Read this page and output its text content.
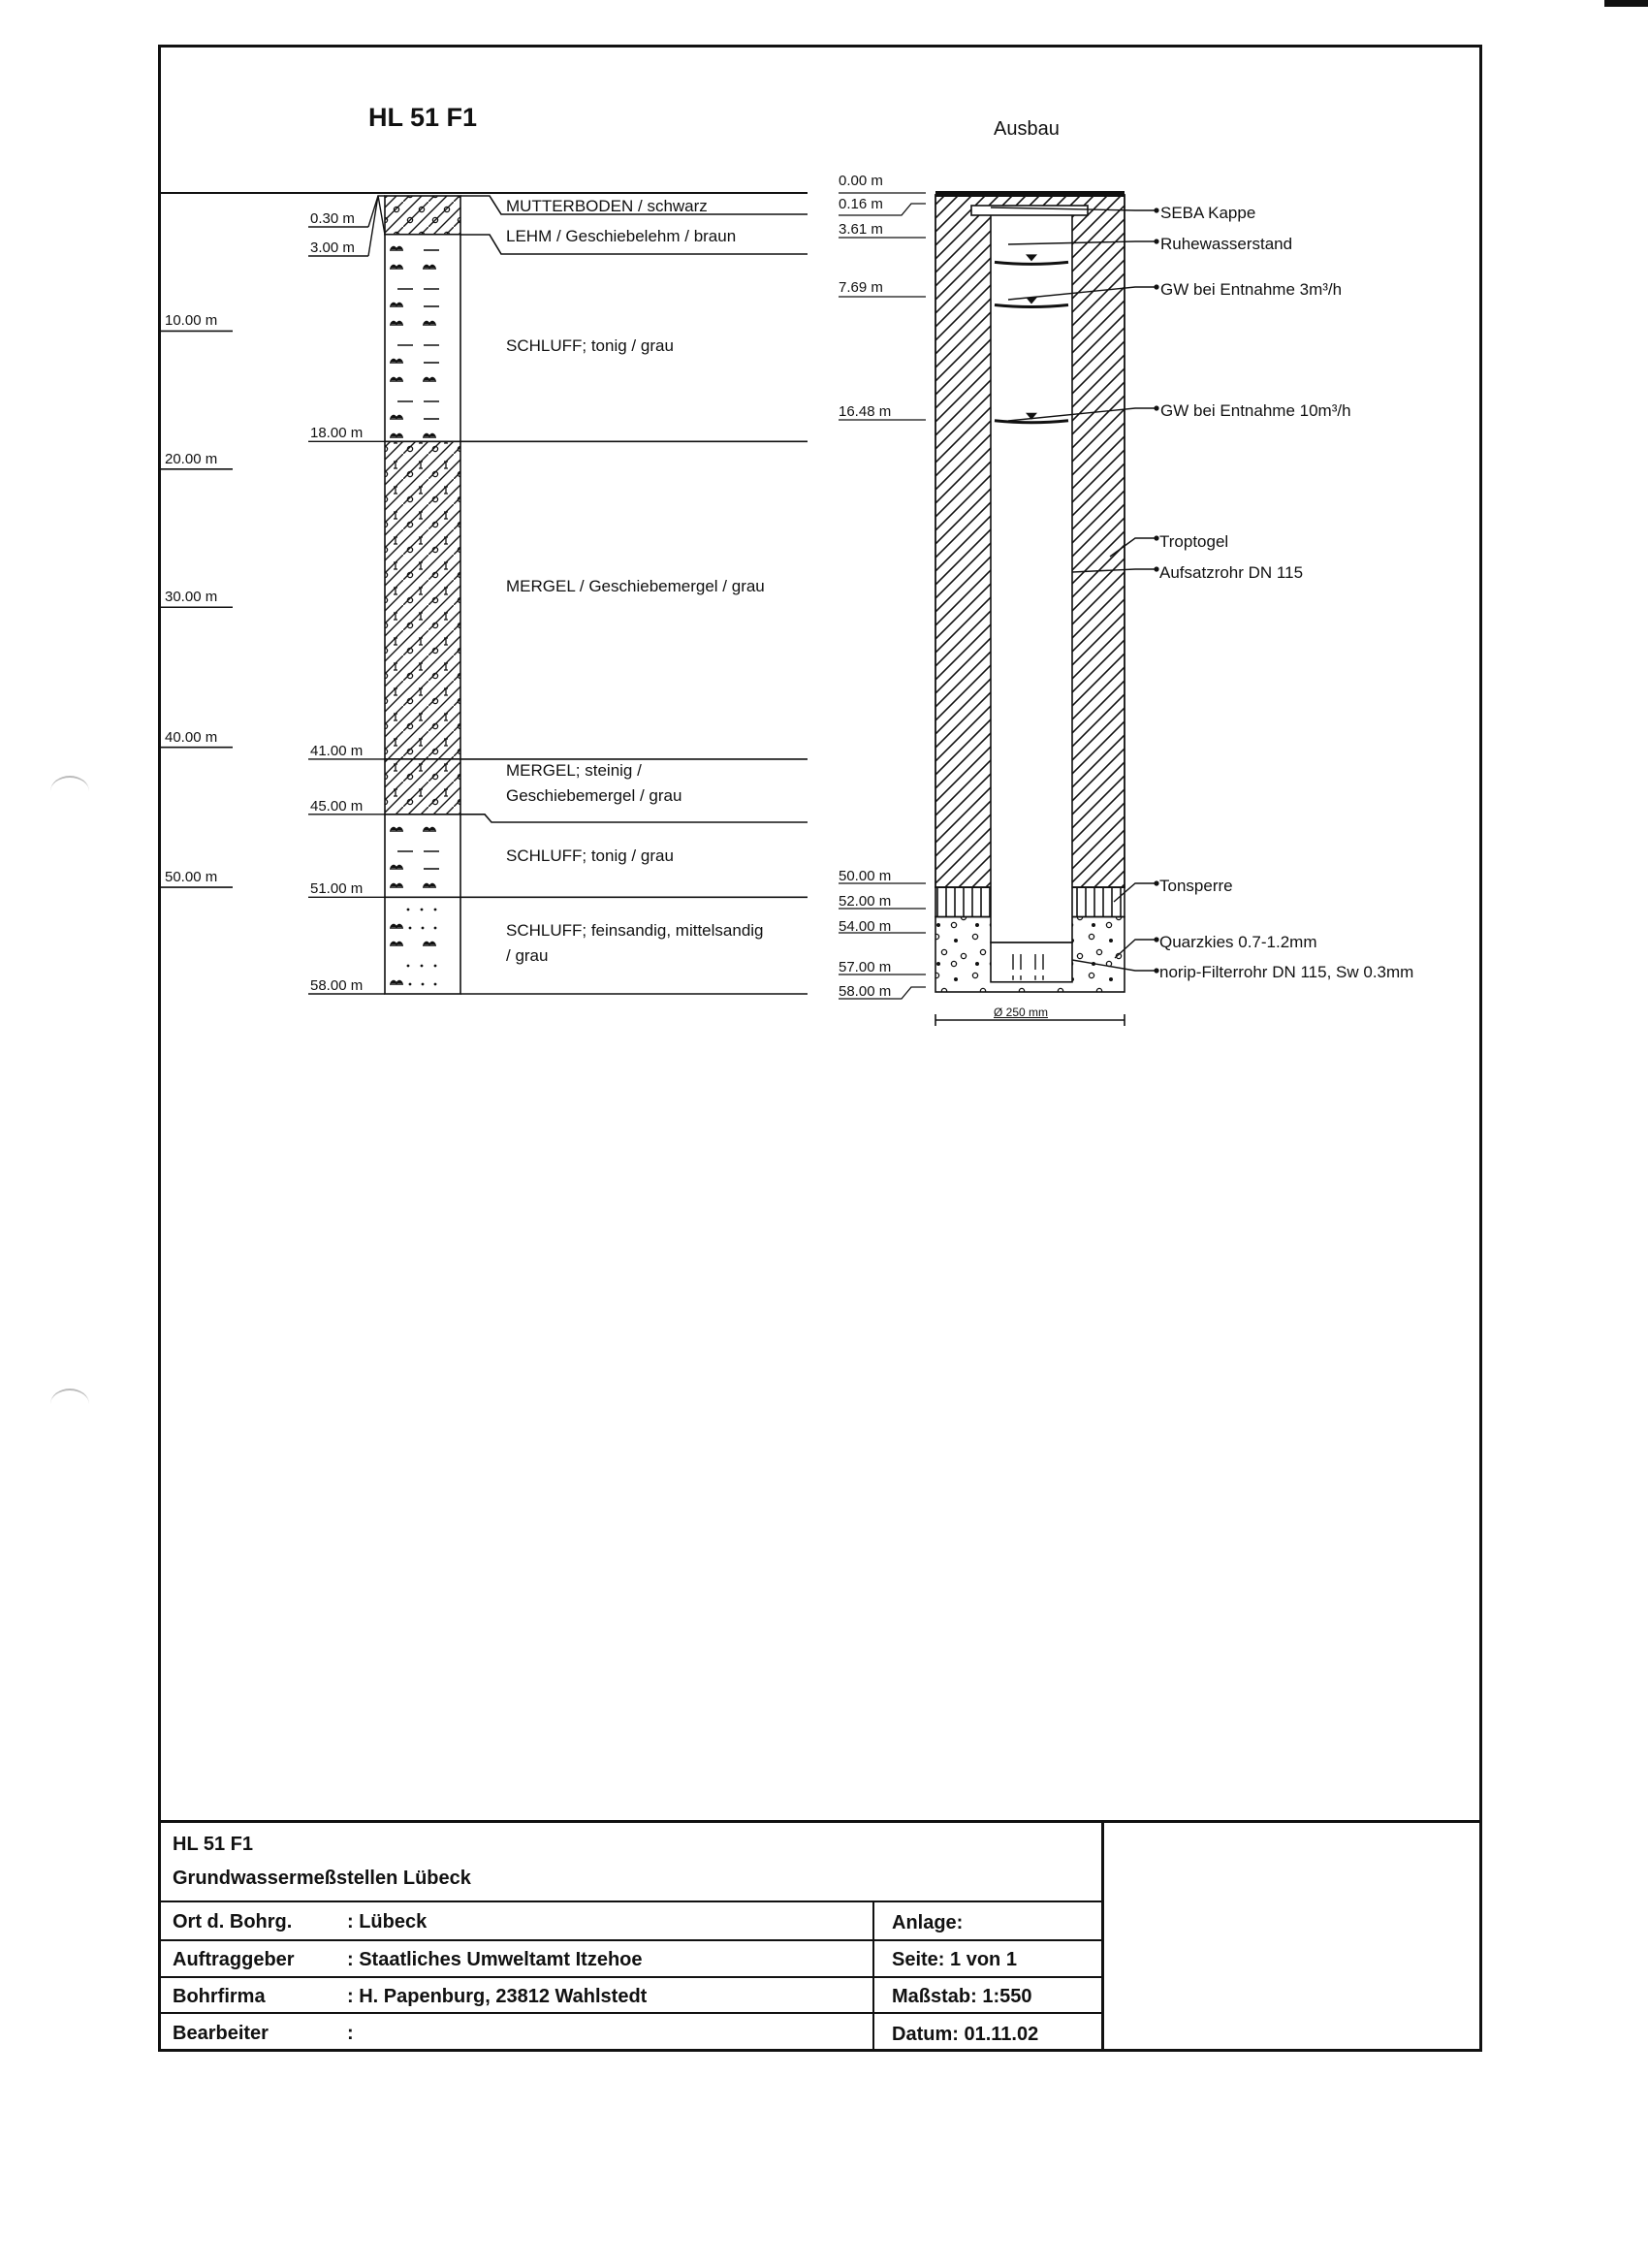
HL 51 F1	Ausbau
10.00 m
20.00 m
30.00 m
40.00 m
50.00 m
0.30 m
MUTTERBODEN / schwarz
3.00 m
LEHM / Geschiebelehm / braun
18.00 m
SCHLUFF; tonig / grau
41.00 m
MERGEL / Geschiebemergel / grau
45.00 m
MERGEL; steinig /
Geschiebemergel / grau
51.00 m
SCHLUFF; tonig / grau
58.00 m
SCHLUFF; feinsandig, mittelsandig
/ grau
0.00 m
0.16 m
3.61 m
7.69 m
16.48 m
50.00 m
52.00 m
54.00 m
57.00 m
58.00 m
SEBA Kappe
Ruhewasserstand
GW bei Entnahme 3m³/h
GW bei Entnahme 10m³/h
Troptogel
Aufsatzrohr DN 115
Tonsperre
Quarzkies 0.7-1.2mm
norip-Filterrohr DN 115, Sw 0.3mm
Ø 250 mm
HL 51 F1
Grundwassermeßstellen Lübeck
Ort d. Bohrg.	: Lübeck	Anlage:
Auftraggeber	: Staatliches Umweltamt Itzehoe	Seite: 1 von 1
Bohrfirma	: H. Papenburg, 23812 Wahlstedt	Maßstab: 1:550
Bearbeiter	:	Datum: 01.11.02
